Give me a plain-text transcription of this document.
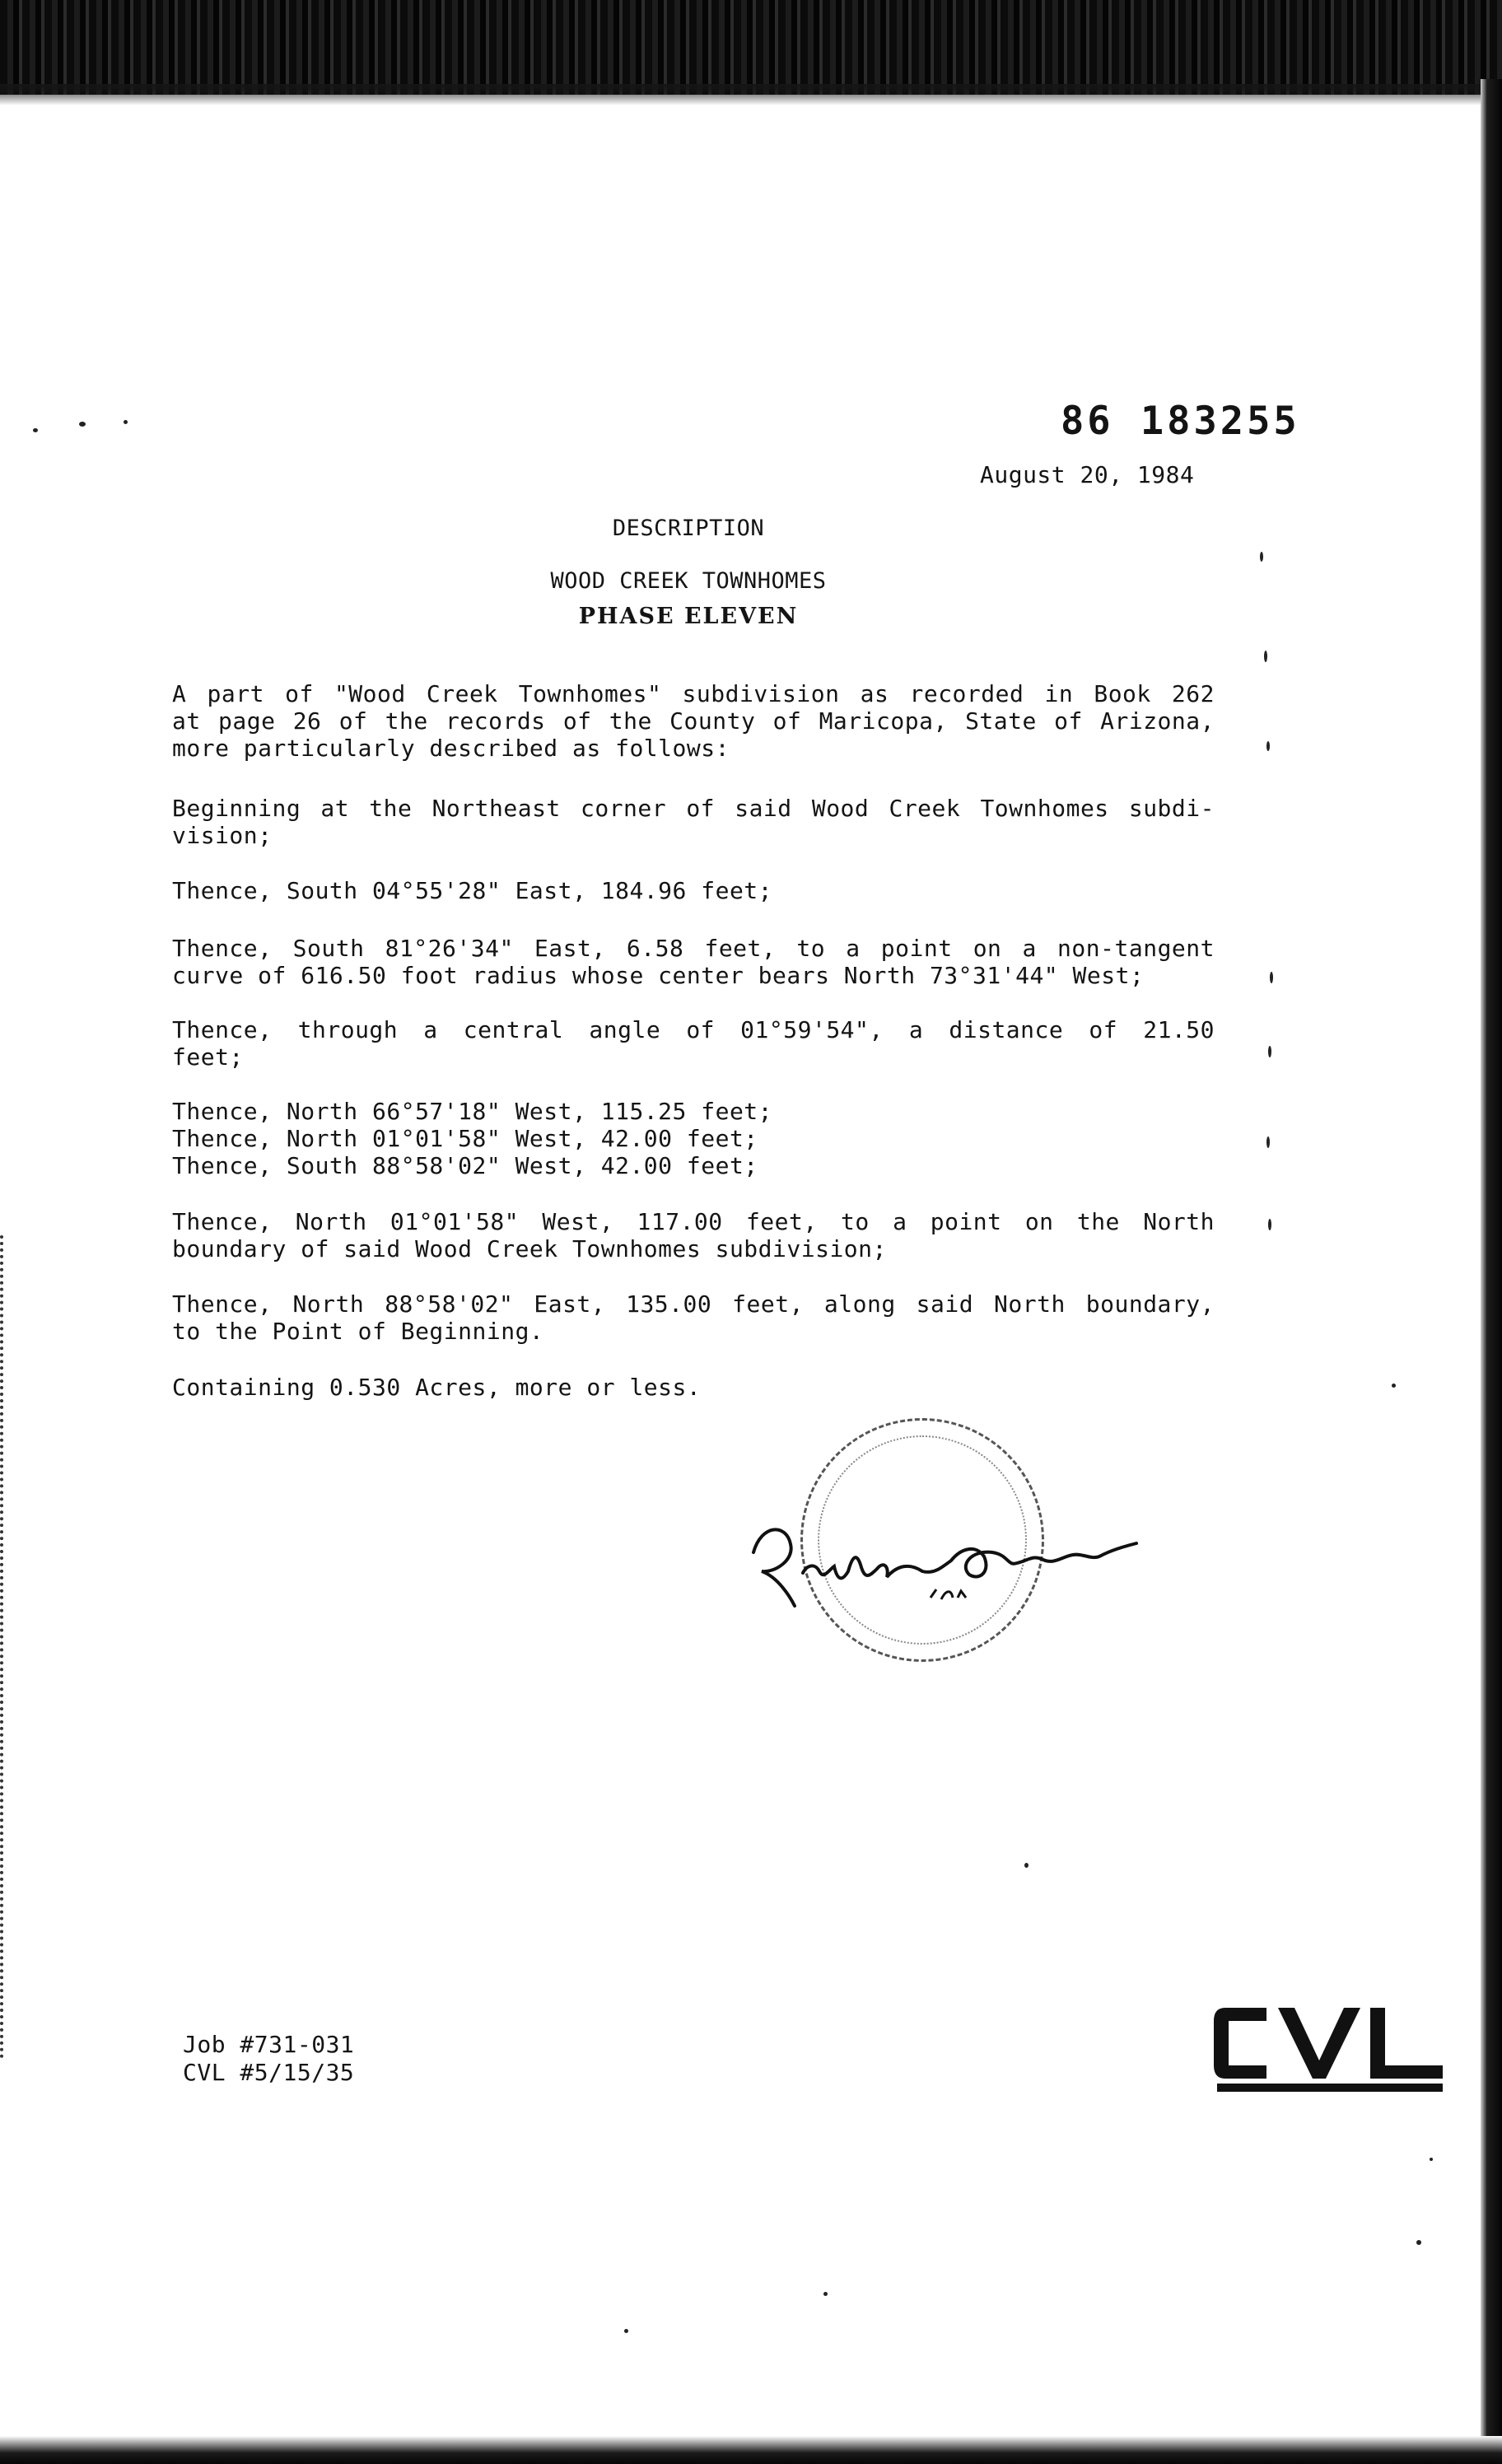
86 183255
August 20, 1984
DESCRIPTION
WOOD CREEK TOWNHOMES
PHASE ELEVEN
A part of "Wood Creek Townhomes" subdivision as recorded in Book 262
at page 26 of the records of the County of Maricopa, State of Arizona,
more particularly described as follows:
Beginning at the Northeast corner of said Wood Creek Townhomes subdi-
vision;
Thence, South 04°55'28" East, 184.96 feet;
Thence, South 81°26'34" East, 6.58 feet, to a point on a non-tangent
curve of 616.50 foot radius whose center bears North 73°31'44" West;
Thence, through a central angle of 01°59'54", a distance of 21.50
feet;
Thence, North 66°57'18" West, 115.25 feet;
Thence, North 01°01'58" West, 42.00 feet;
Thence, South 88°58'02" West, 42.00 feet;
Thence, North 01°01'58" West, 117.00 feet, to a point on the North
boundary of said Wood Creek Townhomes subdivision;
Thence, North 88°58'02" East, 135.00 feet, along said North boundary,
to the Point of Beginning.
Containing 0.530 Acres, more or less.
Job #731-031
CVL #5/15/35
